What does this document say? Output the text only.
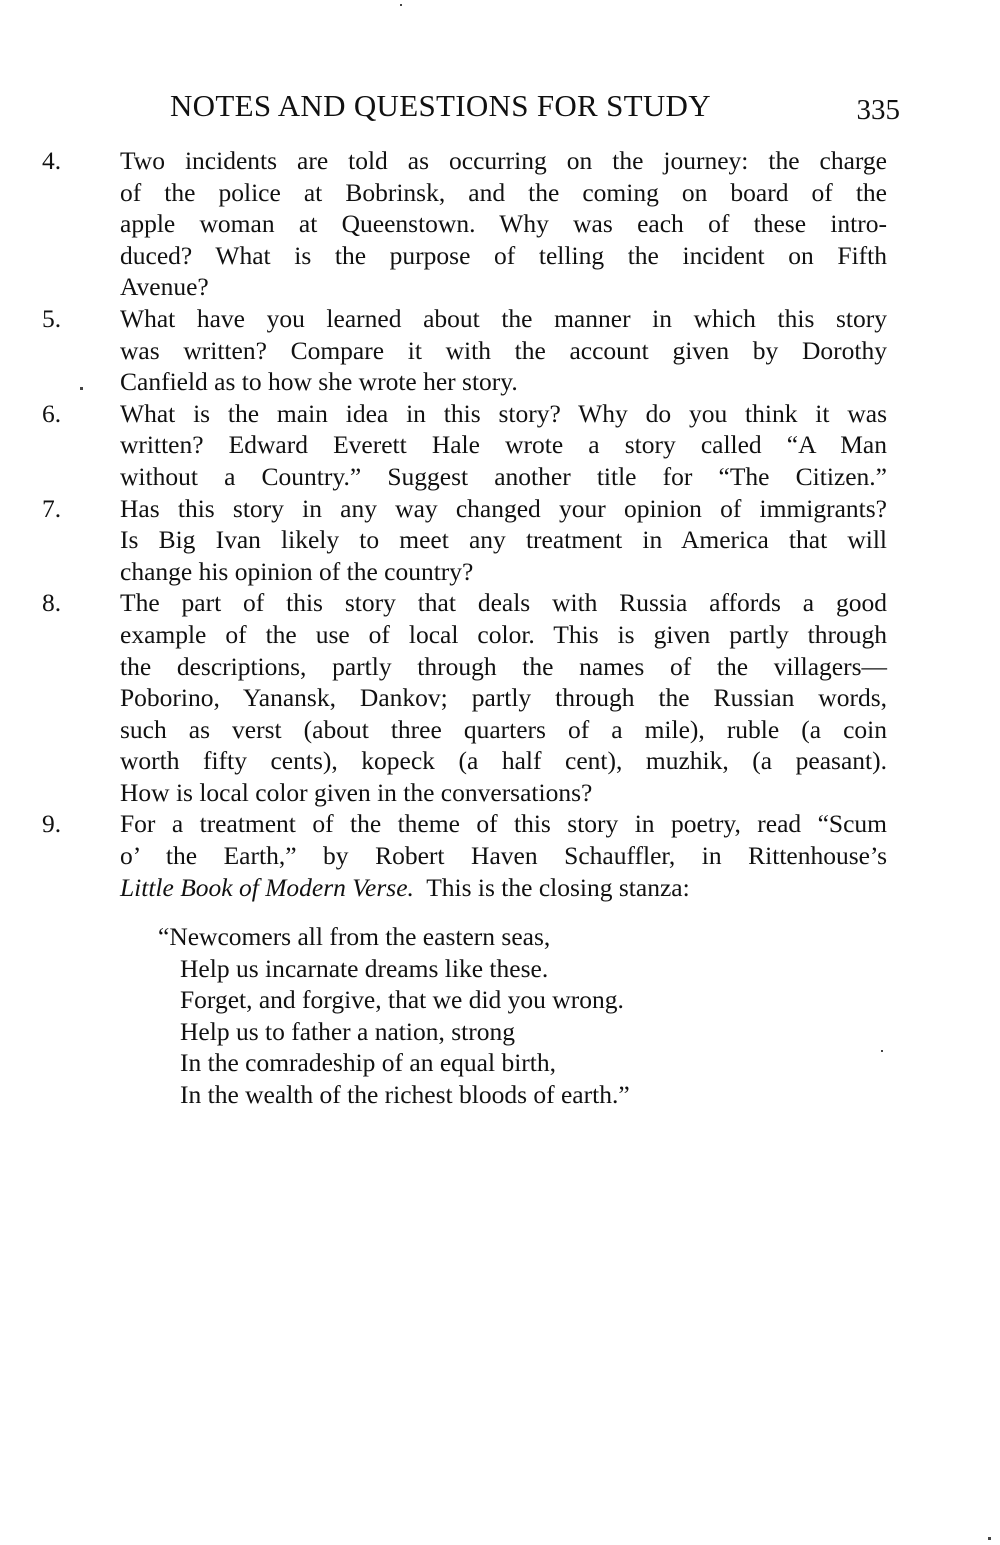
NOTES AND QUESTIONS FOR STUDY	335
4.	Two incidents are told as occurring on the journey: the charge
of the police at Bobrinsk, and the coming on board of the
apple woman at Queenstown. Why was each of these intro-
duced? What is the purpose of telling the incident on Fifth
Avenue?
5.	What have you learned about the manner in which this story
was written? Compare it with the account given by Dorothy
Canfield as to how she wrote her story.
6.	What is the main idea in this story? Why do you think it was
written? Edward Everett Hale wrote a story called “A Man
without a Country.” Suggest another title for “The Citizen.”
7.	Has this story in any way changed your opinion of immigrants?
Is Big Ivan likely to meet any treatment in America that will
change his opinion of the country?
8.	The part of this story that deals with Russia affords a good
example of the use of local color. This is given partly through
the descriptions, partly through the names of the villagers—
Poborino, Yanansk, Dankov; partly through the Russian words,
such as verst (about three quarters of a mile), ruble (a coin
worth fifty cents), kopeck (a half cent), muzhik, (a peasant).
How is local color given in the conversations?
9.	For a treatment of the theme of this story in poetry, read “Scum
o’ the Earth,” by Robert Haven Schauffler, in Rittenhouse’s
Little Book of Modern Verse.  This is the closing stanza:
“Newcomers all from the eastern seas,
Help us incarnate dreams like these.
Forget, and forgive, that we did you wrong.
Help us to father a nation, strong
In the comradeship of an equal birth,
In the wealth of the richest bloods of earth.”
